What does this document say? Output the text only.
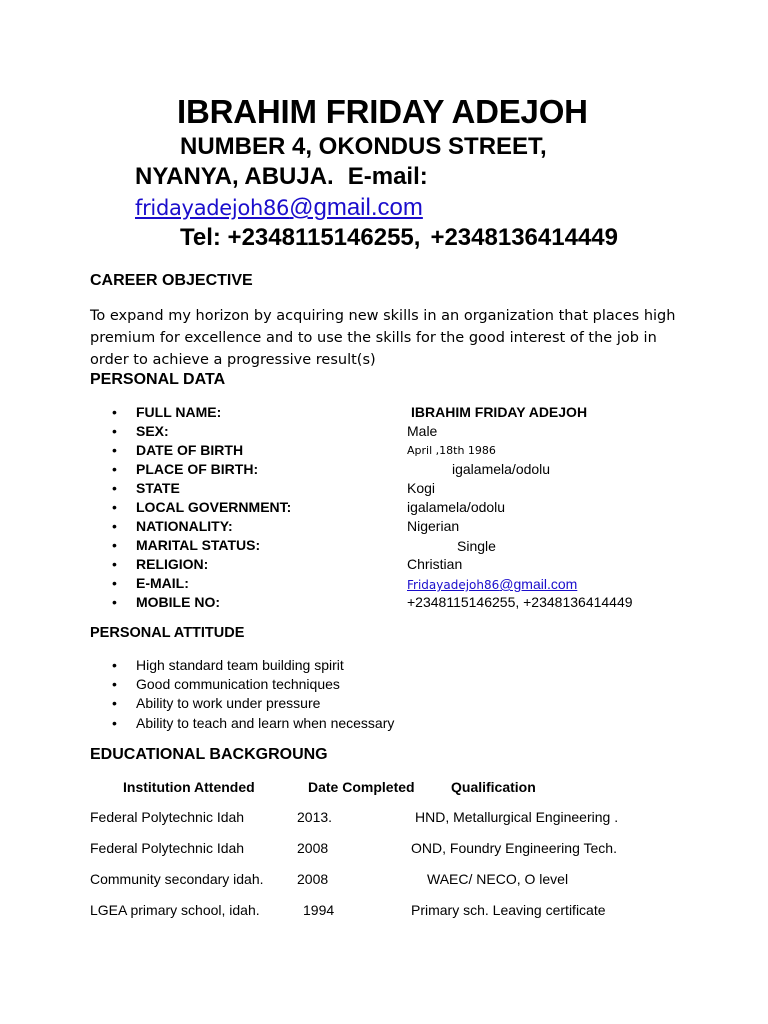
IBRAHIM FRIDAY ADEJOH
NUMBER 4, OKONDUS STREET,
NYANYA, ABUJA. E-mail:
fridayadejoh86@gmail.com
Tel: +2348115146255, +2348136414449
CAREER OBJECTIVE
To expand my horizon by acquiring new skills in an organization that places high premium for excellence and to use the skills for the good interest of the job in order to achieve a progressive result(s)
PERSONAL DATA
• FULL NAME:	IBRAHIM FRIDAY ADEJOH
• SEX:	Male
• DATE OF BIRTH	April ,18th 1986
• PLACE OF BIRTH:	igalamela/odolu
• STATE	Kogi
• LOCAL GOVERNMENT:	igalamela/odolu
• NATIONALITY:	Nigerian
• MARITAL STATUS:	Single
• RELIGION:	Christian
• E-MAIL:	Fridayadejoh86@gmail.com
• MOBILE NO:	+2348115146255, +2348136414449
PERSONAL ATTITUDE
• High standard team building spirit
• Good communication techniques
• Ability to work under pressure
• Ability to teach and learn when necessary
EDUCATIONAL BACKGROUNG
Institution Attended	Date Completed	Qualification
Federal Polytechnic Idah	2013.	HND, Metallurgical Engineering .
Federal Polytechnic Idah	2008	OND, Foundry Engineering Tech.
Community secondary idah. 2008	WAEC/ NECO, O level
LGEA primary school, idah.	1994	Primary sch. Leaving certificate
